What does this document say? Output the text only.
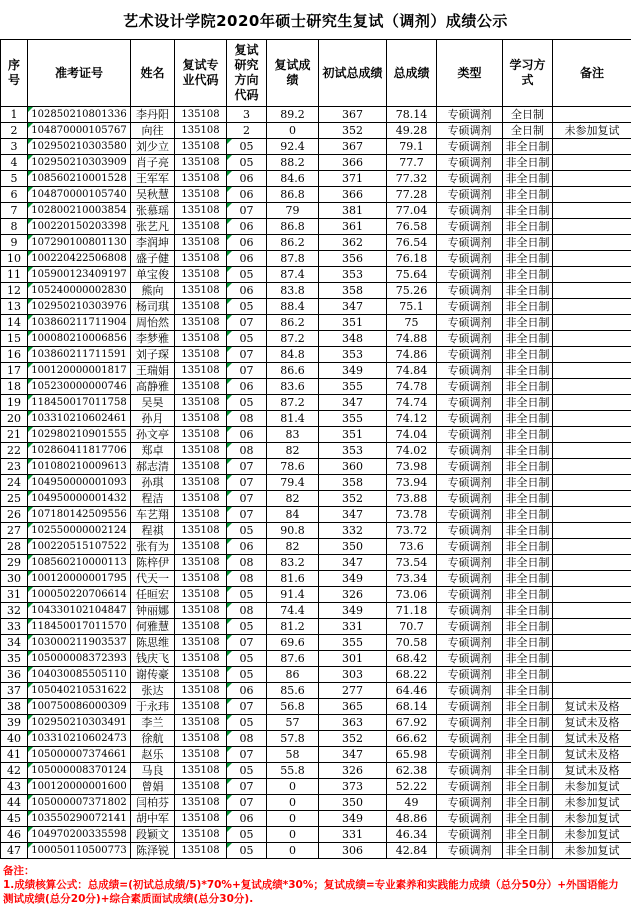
艺术设计学院2020年硕士研究生复试（调剂）成绩公示
序号	准考证号	姓名	复试专业代码	复试研究方向代码	复试成绩	初试总成绩	总成绩	类型	学习方式	备注
1	102850210801336	李丹阳	135108	3	89.2	367	78.14	专硕调剂	全日制	
2	104870000105767	向往	135108	2	0	352	49.28	专硕调剂	全日制	未参加复试
3	102950210303580	刘少立	135108	05	92.4	367	79.1	专硕调剂	非全日制	
4	102950210303909	肖子亮	135108	05	88.2	366	77.7	专硕调剂	非全日制	
5	108560210001528	王军军	135108	06	84.6	371	77.32	专硕调剂	非全日制	
6	104870000105740	吴秋慧	135108	06	86.8	366	77.28	专硕调剂	非全日制	
7	102800210003854	张慕瑶	135108	07	79	381	77.04	专硕调剂	非全日制	
8	100220150203398	张艺凡	135108	06	86.8	361	76.58	专硕调剂	非全日制	
9	107290100801130	李润坤	135108	06	86.2	362	76.54	专硕调剂	非全日制	
10	100220422506808	盛子健	135108	06	87.8	356	76.18	专硕调剂	非全日制	
11	105900123409197	单宝俊	135108	05	87.4	353	75.64	专硕调剂	非全日制	
12	105240000002830	熊向	135108	06	83.8	358	75.26	专硕调剂	非全日制	
13	102950210303976	杨司琪	135108	05	88.4	347	75.1	专硕调剂	非全日制	
14	103860211711904	周怡然	135108	07	86.2	351	75	专硕调剂	非全日制	
15	100080210006856	李梦雅	135108	05	87.2	348	74.88	专硕调剂	非全日制	
16	103860211711591	刘子琛	135108	07	84.8	353	74.86	专硕调剂	非全日制	
17	100120000001817	王瑞娟	135108	07	86.6	349	74.84	专硕调剂	非全日制	
18	105230000000746	高静雅	135108	06	83.6	355	74.78	专硕调剂	非全日制	
19	118450017011758	吴昊	135108	05	87.2	347	74.74	专硕调剂	非全日制	
20	103310210602461	孙月	135108	08	81.4	355	74.12	专硕调剂	非全日制	
21	102980210901555	孙文亭	135108	06	83	351	74.04	专硕调剂	非全日制	
22	102860411817706	郑卓	135108	08	82	353	74.02	专硕调剂	非全日制	
23	101080210009613	郝志清	135108	07	78.6	360	73.98	专硕调剂	非全日制	
24	104950000001093	孙琪	135108	07	79.4	358	73.94	专硕调剂	非全日制	
25	104950000001432	程洁	135108	07	82	352	73.88	专硕调剂	非全日制	
26	107180142509556	车艺翔	135108	07	84	347	73.78	专硕调剂	非全日制	
27	102550000002124	程祺	135108	05	90.8	332	73.72	专硕调剂	非全日制	
28	100220515107522	张有为	135108	06	82	350	73.6	专硕调剂	非全日制	
29	108560210000113	陈梓伊	135108	08	83.2	347	73.54	专硕调剂	非全日制	
30	100120000001795	代天一	135108	08	81.6	349	73.34	专硕调剂	非全日制	
31	100050220706614	任晅宏	135108	05	91.4	326	73.06	专硕调剂	非全日制	
32	104330102104847	钟丽娜	135108	08	74.4	349	71.18	专硕调剂	非全日制	
33	118450017011570	何雅慧	135108	05	81.2	331	70.7	专硕调剂	非全日制	
34	103000211903537	陈思维	135108	07	69.6	355	70.58	专硕调剂	非全日制	
35	105000008372393	钱庆飞	135108	05	87.6	301	68.42	专硕调剂	非全日制	
36	104030085505110	谢传豪	135108	05	86	303	68.22	专硕调剂	非全日制	
37	105040210531622	张达	135108	06	85.6	277	64.46	专硕调剂	非全日制	
38	100750086000309	于永玮	135108	07	56.8	365	68.14	专硕调剂	非全日制	复试未及格
39	102950210303491	李兰	135108	05	57	363	67.92	专硕调剂	非全日制	复试未及格
40	103310210602473	徐航	135108	08	57.8	352	66.62	专硕调剂	非全日制	复试未及格
41	105000007374661	赵乐	135108	07	58	347	65.98	专硕调剂	非全日制	复试未及格
42	105000008370124	马良	135108	05	55.8	326	62.38	专硕调剂	非全日制	复试未及格
43	100120000001600	曾娟	135108	07	0	373	52.22	专硕调剂	非全日制	未参加复试
44	105000007371802	闫柏芬	135108	07	0	350	49	专硕调剂	非全日制	未参加复试
45	103550290072141	胡中军	135108	06	0	349	48.86	专硕调剂	非全日制	未参加复试
46	104970200335598	段颖文	135108	05	0	331	46.34	专硕调剂	非全日制	未参加复试
47	100050110500773	陈泽锐	135108	05	0	306	42.84	专硕调剂	非全日制	未参加复试

备注：

1.成绩核算公式：总成绩=(初试总成绩/5)*70%+复试成绩*30%；复试成绩=专业素养和实践能力成绩（总分50分）+外国语能力测试成绩(总分20分)+综合素质面试成绩(总分30分).
